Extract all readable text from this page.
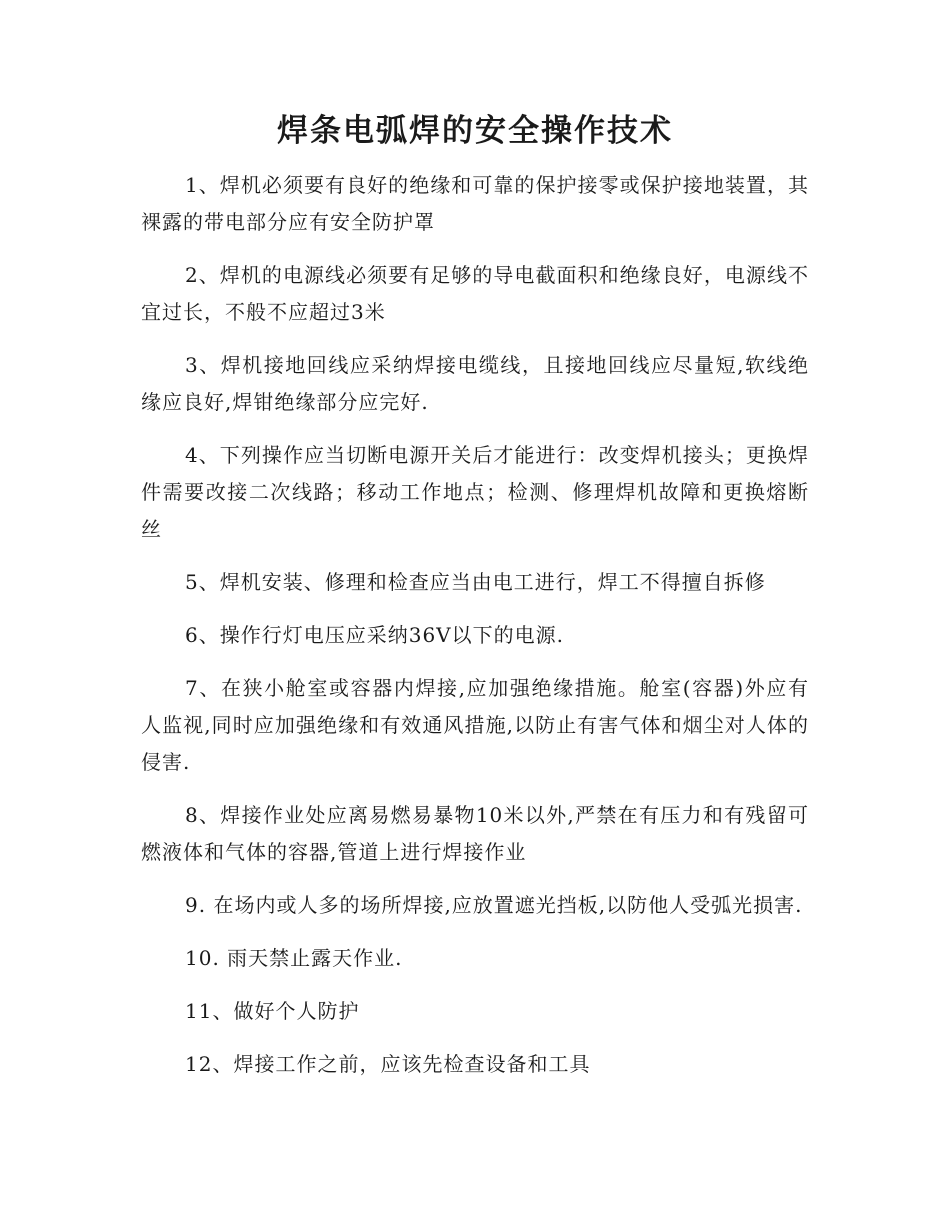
焊条电弧焊的安全操作技术

1、焊机必须要有良好的绝缘和可靠的保护接零或保护接地装置，其裸露的带电部分应有安全防护罩

2、焊机的电源线必须要有足够的导电截面积和绝缘良好，电源线不宜过长，不般不应超过3米

3、焊机接地回线应采纳焊接电缆线，且接地回线应尽量短,软线绝缘应良好,焊钳绝缘部分应完好.

4、下列操作应当切断电源开关后才能进行：改变焊机接头；更换焊件需要改接二次线路；移动工作地点；检测、修理焊机故障和更换熔断丝

5、焊机安装、修理和检查应当由电工进行，焊工不得擅自拆修

6、操作行灯电压应采纳36V以下的电源.

7、在狭小舱室或容器内焊接,应加强绝缘措施。舱室(容器)外应有人监视,同时应加强绝缘和有效通风措施,以防止有害气体和烟尘对人体的侵害.

8、焊接作业处应离易燃易暴物10米以外,严禁在有压力和有残留可燃液体和气体的容器,管道上进行焊接作业

9. 在场内或人多的场所焊接,应放置遮光挡板,以防他人受弧光损害.

10. 雨天禁止露天作业.

11、做好个人防护

12、焊接工作之前，应该先检查设备和工具
